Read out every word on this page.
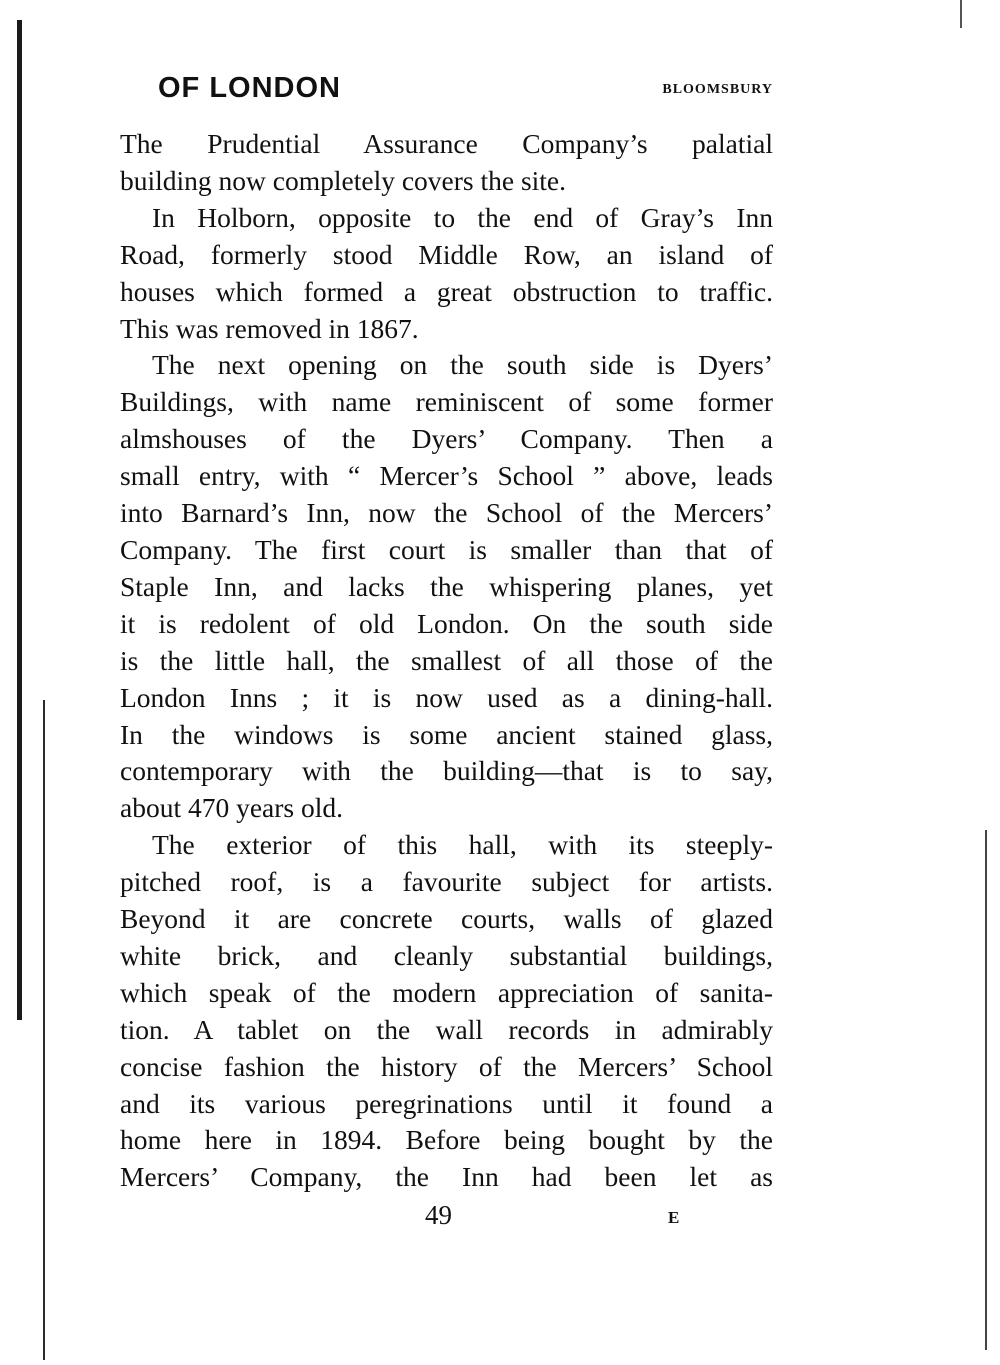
OF LONDON	BLOOMSBURY
The Prudential Assurance Company’s palatial
building now completely covers the site.
In Holborn, opposite to the end of Gray’s Inn
Road, formerly stood Middle Row, an island of
houses which formed a great obstruction to traffic.
This was removed in 1867.
The next opening on the south side is Dyers’
Buildings, with name reminiscent of some former
almshouses of the Dyers’ Company. Then a
small entry, with “ Mercer’s School ” above, leads
into Barnard’s Inn, now the School of the Mercers’
Company. The first court is smaller than that of
Staple Inn, and lacks the whispering planes, yet
it is redolent of old London. On the south side
is the little hall, the smallest of all those of the
London Inns ; it is now used as a dining-hall.
In the windows is some ancient stained glass,
contemporary with the building—that is to say,
about 470 years old.
The exterior of this hall, with its steeply-
pitched roof, is a favourite subject for artists.
Beyond it are concrete courts, walls of glazed
white brick, and cleanly substantial buildings,
which speak of the modern appreciation of sanita-
tion. A tablet on the wall records in admirably
concise fashion the history of the Mercers’ School
and its various peregrinations until it found a
home here in 1894. Before being bought by the
Mercers’ Company, the Inn had been let as
49	E
